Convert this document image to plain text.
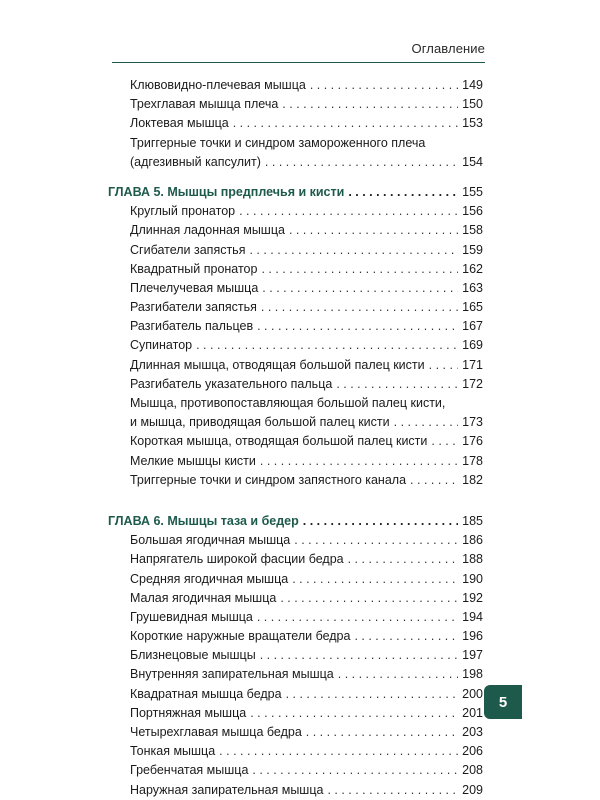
Оглавление
Клювовидно-плечевая мышца . . .	149
Трехглавая мышца плеча . . .	150
Локтевая мышца . . .	153
Триггерные точки и синдром замороженного плеча
(адгезивный капсулит) . . .	154
ГЛАВА 5. Мышцы предплечья и кисти . . .	155
Круглый пронатор . . .	156
Длинная ладонная мышца . . .	158
Сгибатели запястья . . .	159
Квадратный пронатор . . .	162
Плечелучевая мышца . . .	163
Разгибатели запястья . . .	165
Разгибатель пальцев . . .	167
Супинатор . . .	169
Длинная мышца, отводящая большой палец кисти . . .	171
Разгибатель указательного пальца . . .	172
Мышца, противопоставляющая большой палец кисти,
и мышца, приводящая большой палец кисти . . .	173
Короткая мышца, отводящая большой палец кисти . . .	176
Мелкие мышцы кисти . . .	178
Триггерные точки и синдром запястного канала . . .	182
ГЛАВА 6. Мышцы таза и бедер . . .	185
Большая ягодичная мышца . . .	186
Напрягатель широкой фасции бедра . . .	188
Средняя ягодичная мышца . . .	190
Малая ягодичная мышца . . .	192
Грушевидная мышца . . .	194
Короткие наружные вращатели бедра . . .	196
Близнецовые мышцы . . .	197
Внутренняя запирательная мышца . . .	198
Квадратная мышца бедра . . .	200
Портняжная мышца . . .	201
Четырехглавая мышца бедра . . .	203
Тонкая мышца . . .	206
Гребенчатая мышца . . .	208
Наружная запирательная мышца . . .	209
5
